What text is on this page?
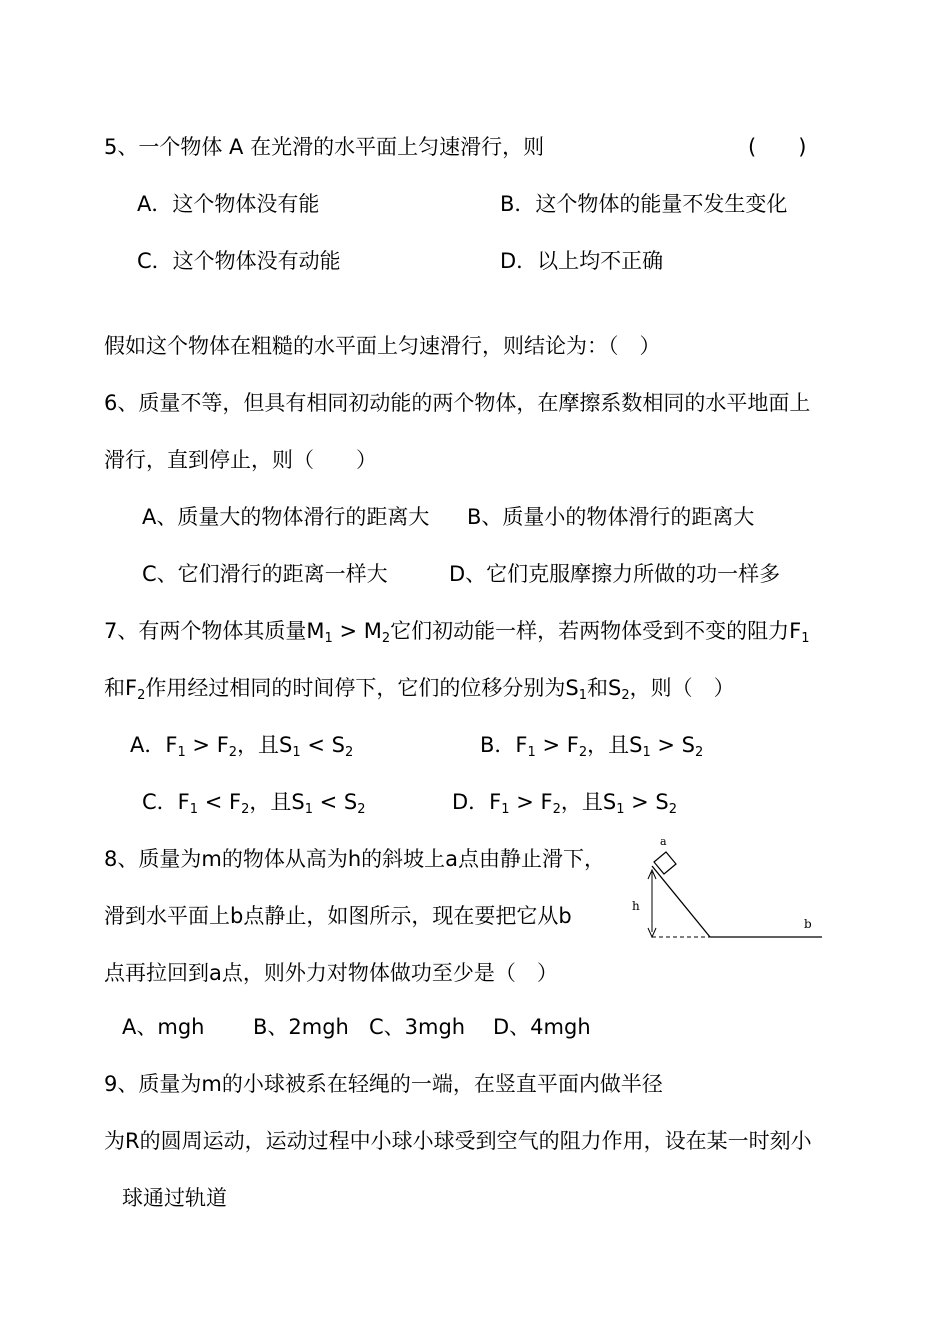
5、一个物体 A 在光滑的水平面上匀速滑行，则	(　　)
A．这个物体没有能	B．这个物体的能量不发生变化
C．这个物体没有动能	D．以上均不正确
假如这个物体在粗糙的水平面上匀速滑行，则结论为：（　）
6、质量不等，但具有相同初动能的两个物体，在摩擦系数相同的水平地面上
滑行，直到停止，则（　　）
A、质量大的物体滑行的距离大 B、质量小的物体滑行的距离大
C、它们滑行的距离一样大	D、它们克服摩擦力所做的功一样多
7、有两个物体其质量$M_1 > M_2$它们初动能一样，若两物体受到不变的阻力$F_1$
和$F_2$作用经过相同的时间停下，它们的位移分别为$S_1$和$S_2$，则（　）
A．$F_1 > F_2$，且$S_1 < S_2$	B．$F_1 > F_2$，且$S_1 > S_2$
C．$F_1 < F_2$，且$S_1 < S_2$	D．$F_1 > F_2$，且$S_1 > S_2$
8、质量为m的物体从高为h的斜坡上a点由静止滑下，
滑到水平面上b点静止，如图所示，现在要把它从b
点再拉回到a点，则外力对物体做功至少是（　）
a
h
b
A、mgh B、2mgh C、3mgh D、4mgh
9、质量为m的小球被系在轻绳的一端，在竖直平面内做半径
为R的圆周运动，运动过程中小球小球受到空气的阻力作用，设在某一时刻小
球通过轨道
